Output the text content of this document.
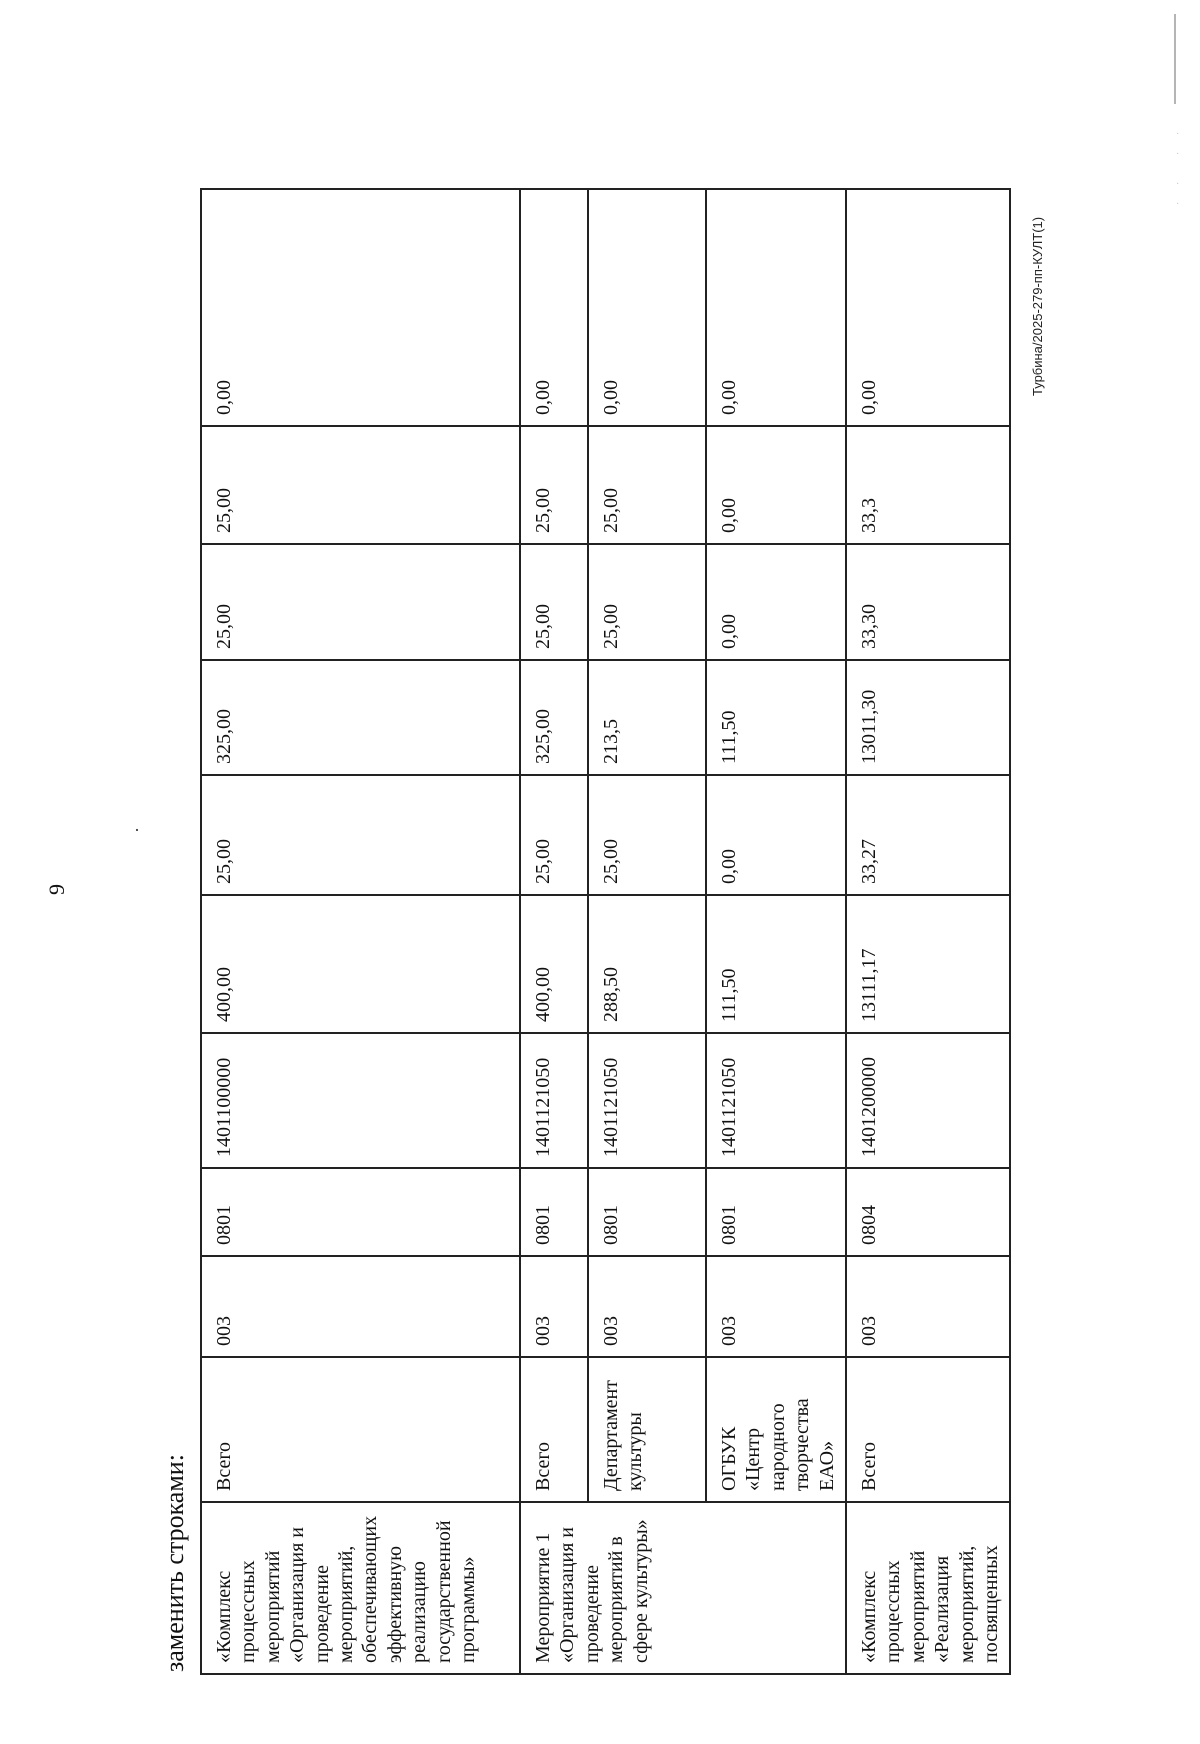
·

·

·

·
·
9
заменить строками: «Комплекс процессных мероприятий «Организация и проведение мероприятий, обеспечивающих эффективную реализацию государственной программы»	Всего	003	0801	1401100000	400,00	25,00	325,00	25,00	25,00	0,00
Мероприятие 1 «Организация и проведение мероприятий в сфере культуры»	Всего	003	0801	1401121050	400,00	25,00	325,00	25,00	25,00	0,00
	Департамент культуры	003	0801	1401121050	288,50	25,00	213,5	25,00	25,00	0,00
	ОГБУК «Центр народного творчества ЕАО»	003	0801	1401121050	111,50	0,00	111,50	0,00	0,00	0,00
«Комплекс процессных мероприятий «Реализация мероприятий, посвященных	Всего	003	0804	1401200000	13111,17	33,27	13011,30	33,30	33,3	0,00
Турбина/2025-279-пп-КУЛТ(1)
